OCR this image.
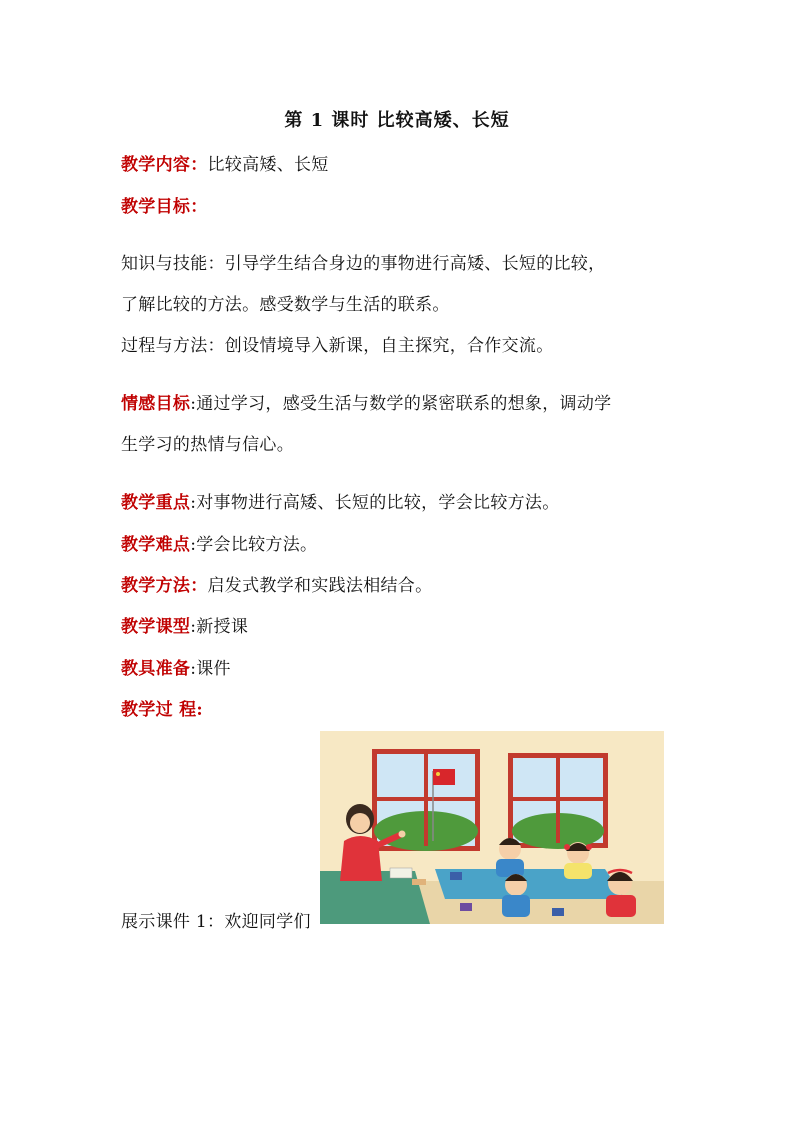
第 1 课时 比较高矮、长短
教学内容：比较高矮、长短
教学目标：
知识与技能：引导学生结合身边的事物进行高矮、长短的比较，
了解比较的方法。感受数学与生活的联系。
过程与方法：创设情境导入新课，自主探究，合作交流。
情感目标:通过学习，感受生活与数学的紧密联系的想象，调动学
生学习的热情与信心。
教学重点:对事物进行高矮、长短的比较，学会比较方法。
教学难点:学会比较方法。
教学方法：启发式教学和实践法相结合。
教学课型:新授课
教具准备:课件
教学过 程:
展示课件 1：欢迎同学们
